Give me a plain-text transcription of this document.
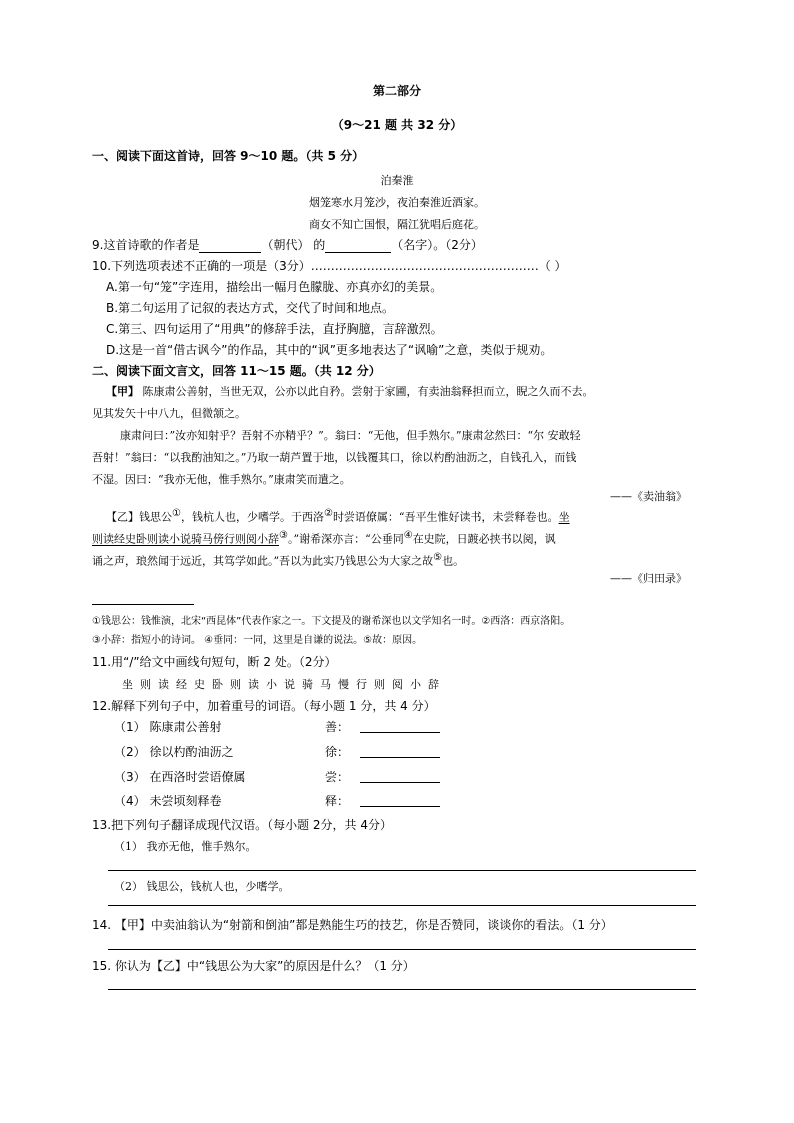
第二部分
（9～21 题 共 32 分）
一、阅读下面这首诗，回答 9～10 题。（共 5 分）
泊秦淮
烟笼寒水月笼沙，夜泊秦淮近酒家。
商女不知亡国恨，隔江犹唱后庭花。
9.这首诗歌的作者是	（朝代） 的	（名字）。（2分）
10.下列选项表述不正确的一项是（3分）…………………………………………………（ ）
A.第一句“笼”字连用，描绘出一幅月色朦胧、亦真亦幻的美景。
B.第二句运用了记叙的表达方式，交代了时间和地点。
C.第三、四句运用了“用典”的修辞手法，直抒胸臆，言辞激烈。
D.这是一首“借古讽今”的作品，其中的“讽”更多地表达了“讽喻”之意，类似于规劝。
二、阅读下面文言文，回答 11～15 题。（共 12 分）
【甲】 陈康肃公善射，当世无双，公亦以此自矜。尝射于家圃，有卖油翁释担而立，睨之久而不去。
见其发矢十中八九，但微颔之。
康肃问曰：”汝亦知射乎？吾射不亦精乎？”。翁曰：“无他，但手熟尔。”康肃忿然曰：“尔 安敢轻
吾射！”翁曰：“以我酌油知之。”乃取一葫芦置于地，以钱覆其口，徐以杓酌油沥之，自钱孔入，而钱
不湿。因曰：“我亦无他，惟手熟尔。”康肃笑而遣之。
——《卖油翁》
【乙】钱思公①，钱杭人也，少嗜学。于西洛②时尝语僚属：“吾平生惟好读书，未尝释卷也。坐
则读经史卧则读小说骑马傍行则阅小辞③。”谢希深亦言：“公垂同④在史院，日踱必挟书以阅，讽
诵之声，琅然闻于远近，其笃学如此。”吾以为此实乃钱思公为大家之故⑤也。
——《归田录》
①钱思公：钱惟演，北宋“西昆体”代表作家之一。下文提及的谢希深也以文学知名一时。②西洛：西京洛阳。
③小辞：指短小的诗词。 ④垂同：一同，这里是自谦的说法。⑤故：原因。
11.用“/”给文中画线句短句，断 2 处。（2分）
坐则读经史卧则读小说骑马慢行则阅小辞
12.解释下列句子中，加着重号的词语。（每小题 1 分，共 4 分）
（1） 陈康肃公善射	善：
（2） 徐以杓酌油沥之	徐：
（3） 在西洛时尝语僚属	尝：
（4） 未尝顷刻释卷	释：
13.把下列句子翻译成现代汉语。（每小题 2分，共 4分）
（1） 我亦无他，惟手熟尔。
（2） 钱思公，钱杭人也，少嗜学。
14. 【甲】中卖油翁认为“射箭和倒油”都是熟能生巧的技艺，你是否赞同，谈谈你的看法。（1 分）
15. 你认为【乙】中“钱思公为大家”的原因是什么？（1 分）
